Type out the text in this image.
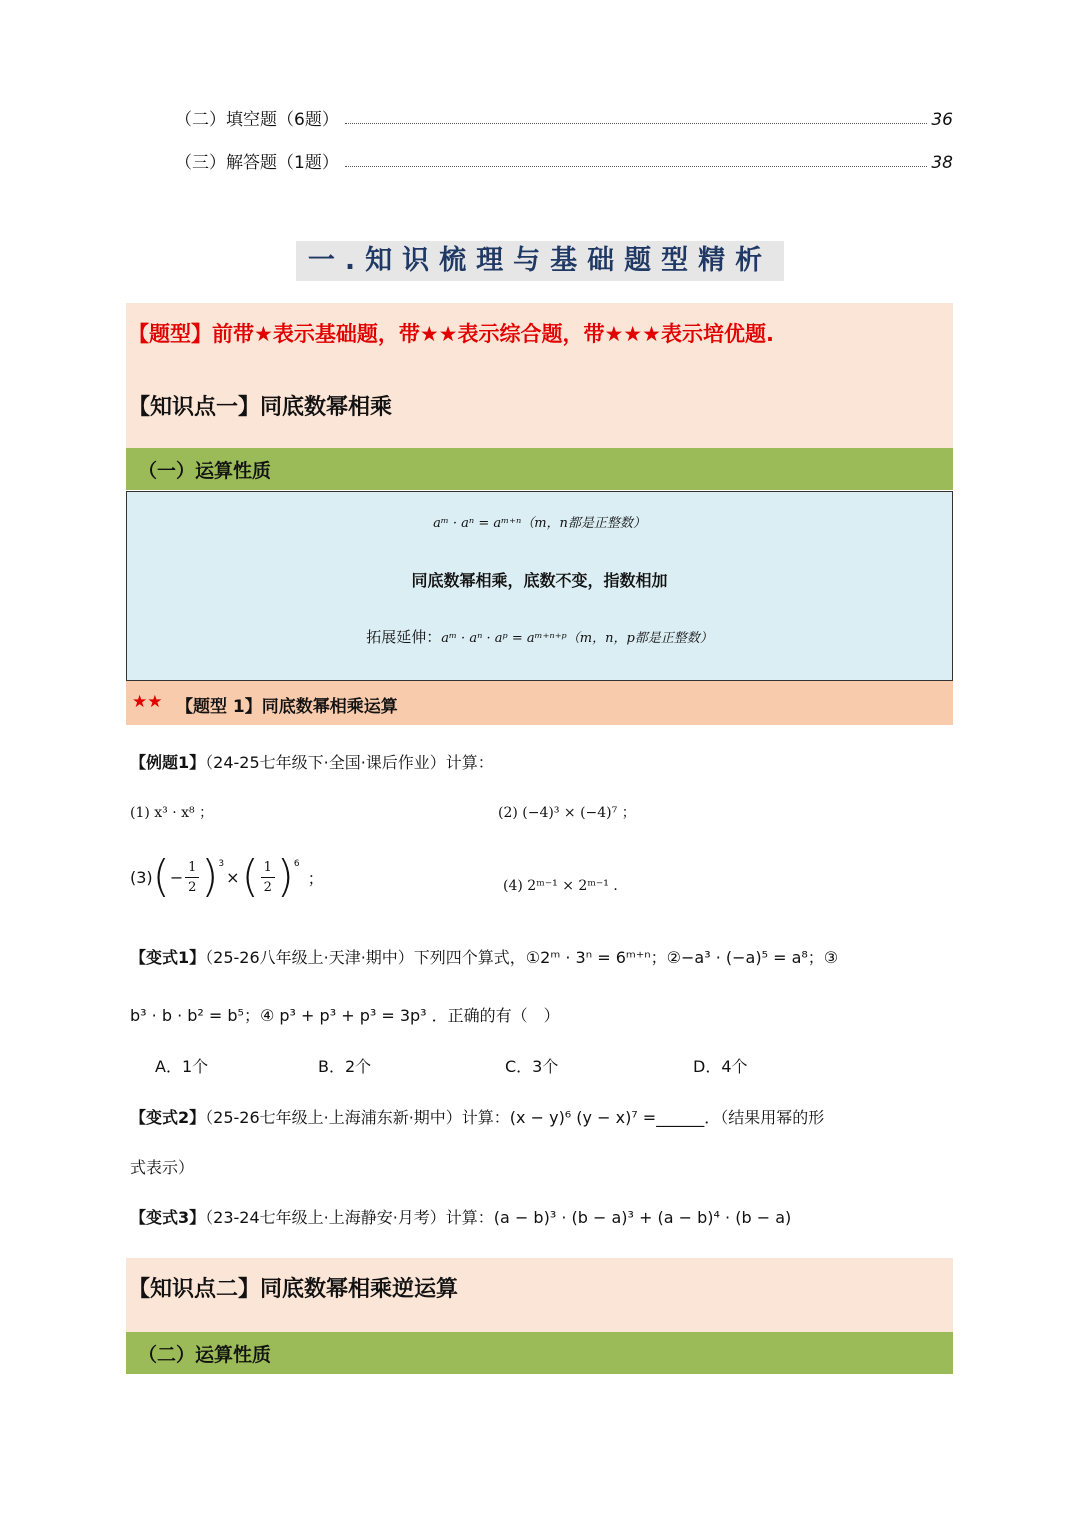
（二）填空题（6题）	36
（三）解答题（1题）	38
一.知识梳理与基础题型精析
【题型】前带★表示基础题，带★★表示综合题，带★★★表示培优题.
【知识点一】同底数幂相乘
（一）运算性质
aᵐ · aⁿ = aᵐ⁺ⁿ（m，n都是正整数）
同底数幂相乘，底数不变，指数相加
拓展延伸：aᵐ · aⁿ · aᵖ = aᵐ⁺ⁿ⁺ᵖ（m，n，p都是正整数）
★★ 【题型 1】同底数幂相乘运算
【例题1】（24-25七年级下·全国·课后作业）计算：
(1) x³ · x⁸ ；	(2) (−4)³ × (−4)⁷ ；
(3) ( − $\frac{1}{2} )^3$
× ( $\frac{1}{2} )^6$
；	(4) 2ᵐ⁻¹ × 2ᵐ⁻¹ ．
【变式1】（25-26八年级上·天津·期中）下列四个算式，①2ᵐ · 3ⁿ = 6ᵐ⁺ⁿ；②−a³ · (−a)⁵ = a⁸；③
b³ · b · b² = b⁵；④ p³ + p³ + p³ = 3p³ ．正确的有（　）
A．1个	B．2个	C．3个	D．4个
【变式2】（25-26七年级上·上海浦东新·期中）计算：(x − y)⁶ (y − x)⁷ =______．（结果用幂的形
式表示）
【变式3】（23-24七年级上·上海静安·月考）计算：(a − b)³ · (b − a)³ + (a − b)⁴ · (b − a)
【知识点二】同底数幂相乘逆运算
（二）运算性质
